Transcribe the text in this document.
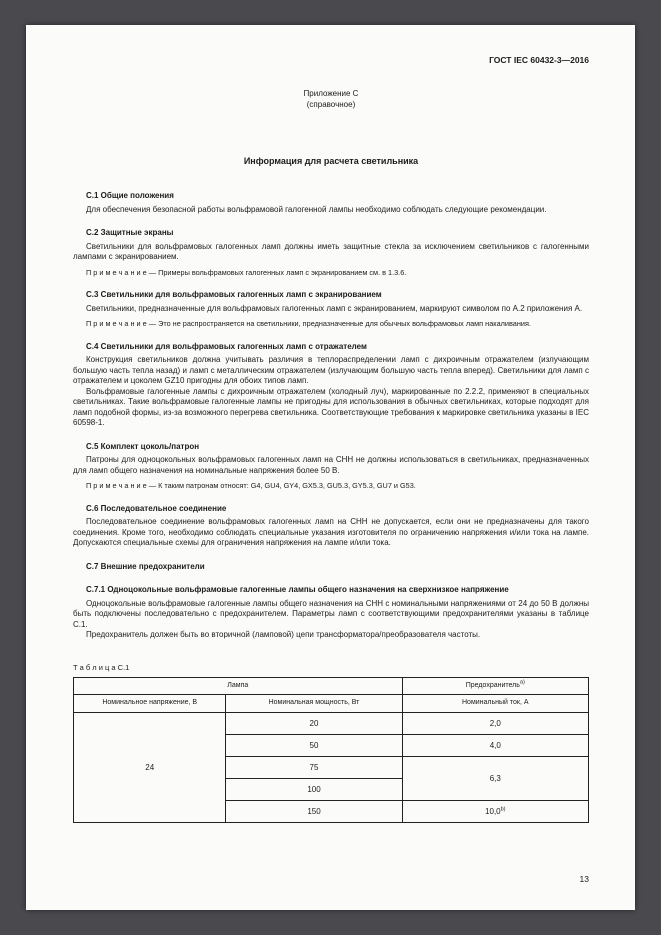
ГОСТ IEC 60432-3—2016
Приложение С
(справочное)
Информация для расчета светильника
С.1 Общие положения

Для обеспечения безопасной работы вольфрамовой галогенной лампы необходимо соблюдать следующие рекомендации.

С.2 Защитные экраны

Светильники для вольфрамовых галогенных ламп должны иметь защитные стекла за исключением светильников с галогенными лампами с экранированием.

П р и м е ч а н и е — Примеры вольфрамовых галогенных ламп с экранированием см. в 1.3.6.

С.3 Светильники для вольфрамовых галогенных ламп с экранированием

Светильники, предназначенные для вольфрамовых галогенных ламп с экранированием, маркируют символом по А.2 приложения А.

П р и м е ч а н и е — Это не распространяется на светильники, предназначенные для обычных вольфрамовых ламп накаливания.

С.4 Светильники для вольфрамовых галогенных ламп с отражателем

Конструкция светильников должна учитывать различия в теплораспределении ламп с дихроичным отражателем (излучающим большую часть тепла назад) и ламп с металлическим отражателем (излучающим большую часть тепла вперед). Светильники для ламп с отражателем и цоколем GZ10 пригодны для обоих типов ламп.

Вольфрамовые галогенные лампы с дихроичным отражателем (холодный луч), маркированные по 2.2.2, применяют в специальных светильниках. Такие вольфрамовые галогенные лампы не пригодны для использования в обычных светильниках, которые подходят для ламп подобной формы, из-за возможного перегрева светильника. Соответствующие требования к маркировке светильника указаны в IEC 60598-1.

С.5 Комплект цоколь/патрон

Патроны для одноцокольных вольфрамовых галогенных ламп на СНН не должны использоваться в светильниках, предназначенных для ламп общего назначения на номинальные напряжения более 50 В.

П р и м е ч а н и е — К таким патронам относят: G4, GU4, GY4, GX5.3, GU5.3, GY5.3, GU7 и G53.

С.6 Последовательное соединение

Последовательное соединение вольфрамовых галогенных ламп на СНН не допускается, если они не предназначены для такого соединения. Кроме того, необходимо соблюдать специальные указания изготовителя по ограничению напряжения и/или тока на лампе. Допускаются специальные схемы для ограничения напряжения на лампе и/или тока.

С.7 Внешние предохранители
С.7.1 Одноцокольные вольфрамовые галогенные лампы общего назначения на сверхнизкое напряжение

Одноцокольные вольфрамовые галогенные лампы общего назначения на СНН с номинальными напряжениями от 24 до 50 В должны быть подключены последовательно с предохранителем. Параметры ламп с соответствующими предохранителями указаны в таблице С.1.

Предохранитель должен быть во вторичной (ламповой) цепи трансформатора/преобразователя частоты.

Т а б л и ц а С.1
Лампа		Предохранитель$^{а)}$
Номинальное напряжение, В	Номинальная мощность, Вт	Номинальный ток, А
24	20	2,0
	50	4,0
	75	6,3
	100	
	150	10,0$^{b)}$
13
